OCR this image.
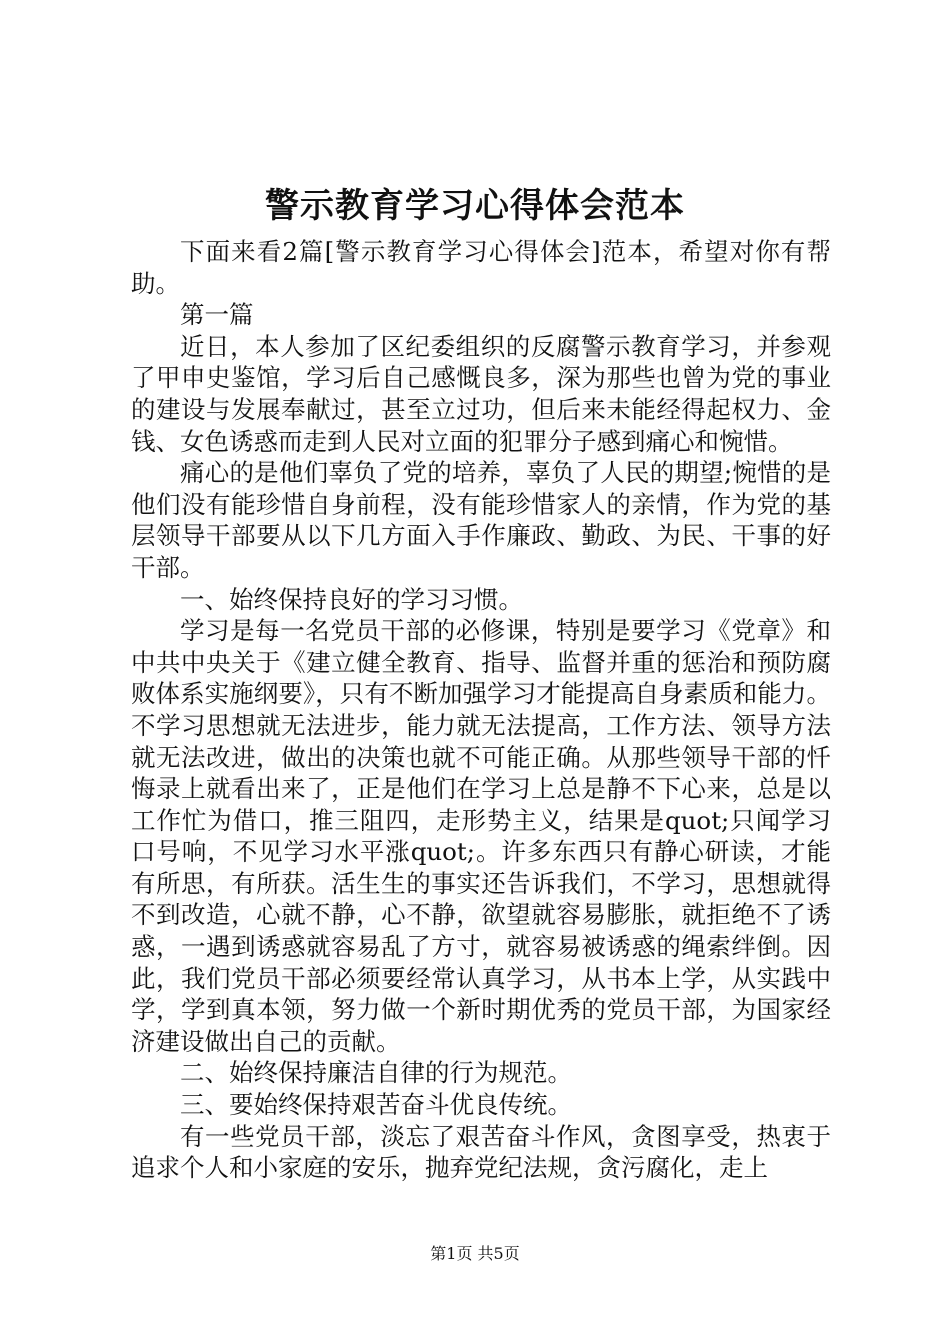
警示教育学习心得体会范本

下面来看2篇[警示教育学习心得体会]范本，希望对你有帮助。

第一篇

近日，本人参加了区纪委组织的反腐警示教育学习，并参观了甲申史鉴馆，学习后自己感慨良多，深为那些也曾为党的事业的建设与发展奉献过，甚至立过功，但后来未能经得起权力、金钱、女色诱惑而走到人民对立面的犯罪分子感到痛心和惋惜。

痛心的是他们辜负了党的培养，辜负了人民的期望;惋惜的是他们没有能珍惜自身前程，没有能珍惜家人的亲情，作为党的基层领导干部要从以下几方面入手作廉政、勤政、为民、干事的好干部。

一、始终保持良好的学习习惯。

学习是每一名党员干部的必修课，特别是要学习《党章》和中共中央关于《建立健全教育、指导、监督并重的惩治和预防腐败体系实施纲要》，只有不断加强学习才能提高自身素质和能力。不学习思想就无法进步，能力就无法提高，工作方法、领导方法就无法改进，做出的决策也就不可能正确。从那些领导干部的忏悔录上就看出来了，正是他们在学习上总是静不下心来，总是以工作忙为借口，推三阻四，走形势主义，结果是quot;只闻学习口号响，不见学习水平涨quot;。许多东西只有静心研读，才能有所思，有所获。活生生的事实还告诉我们，不学习，思想就得不到改造，心就不静，心不静，欲望就容易膨胀，就拒绝不了诱惑，一遇到诱惑就容易乱了方寸，就容易被诱惑的绳索绊倒。因此，我们党员干部必须要经常认真学习，从书本上学，从实践中学，学到真本领，努力做一个新时期优秀的党员干部，为国家经济建设做出自己的贡献。

二、始终保持廉洁自律的行为规范。

三、要始终保持艰苦奋斗优良传统。

有一些党员干部，淡忘了艰苦奋斗作风，贪图享受，热衷于追求个人和小家庭的安乐，抛弃党纪法规，贪污腐化，走上

第1页 共5页
